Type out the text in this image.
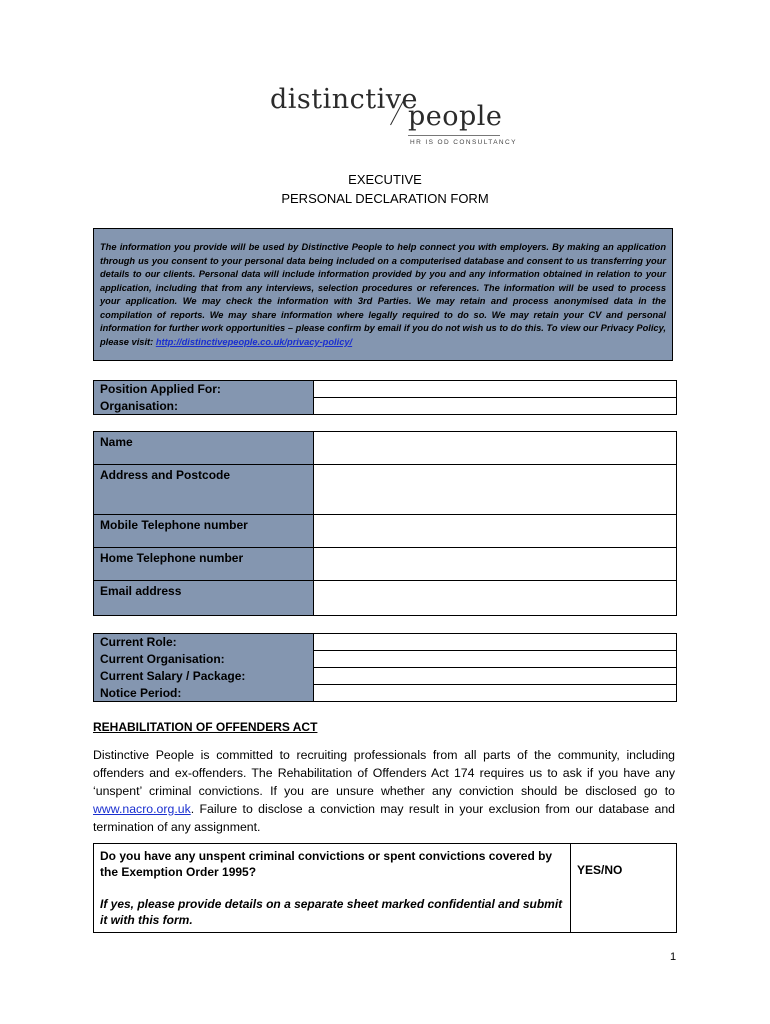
distinctive
people
HR IS OD CONSULTANCY
EXECUTIVE
PERSONAL DECLARATION FORM
The information you provide will be used by Distinctive People to help connect you with employers. By making an application through us you consent to your personal data being included on a computerised database and consent to us transferring your details to our clients. Personal data will include information provided by you and any information obtained in relation to your application, including that from any interviews, selection procedures or references. The information will be used to process your application. We may check the information with 3rd Parties. We may retain and process anonymised data in the compilation of reports. We may share information where legally required to do so. We may retain your CV and personal information for further work opportunities – please confirm by email if you do not wish us to do this. To view our Privacy Policy, please visit: http://distinctivepeople.co.uk/privacy-policy/
Position Applied For:	
Organisation:	
Name	
Address and Postcode	
Mobile Telephone number	
Home Telephone number	
Email address	
Current Role:	
Current Organisation:	
Current Salary / Package:	
Notice Period:	
REHABILITATION OF OFFENDERS ACT
Distinctive People is committed to recruiting professionals from all parts of the community, including offenders and ex-offenders. The Rehabilitation of Offenders Act 174 requires us to ask if you have any ‘unspent’ criminal convictions. If you are unsure whether any conviction should be disclosed go to www.nacro.org.uk. Failure to disclose a conviction may result in your exclusion from our database and termination of any assignment.
Do you have any unspent criminal convictions or spent convictions covered by the Exemption Order 1995?
If yes, please provide details on a separate sheet marked confidential and submit it with this form.
	YES/NO
1
